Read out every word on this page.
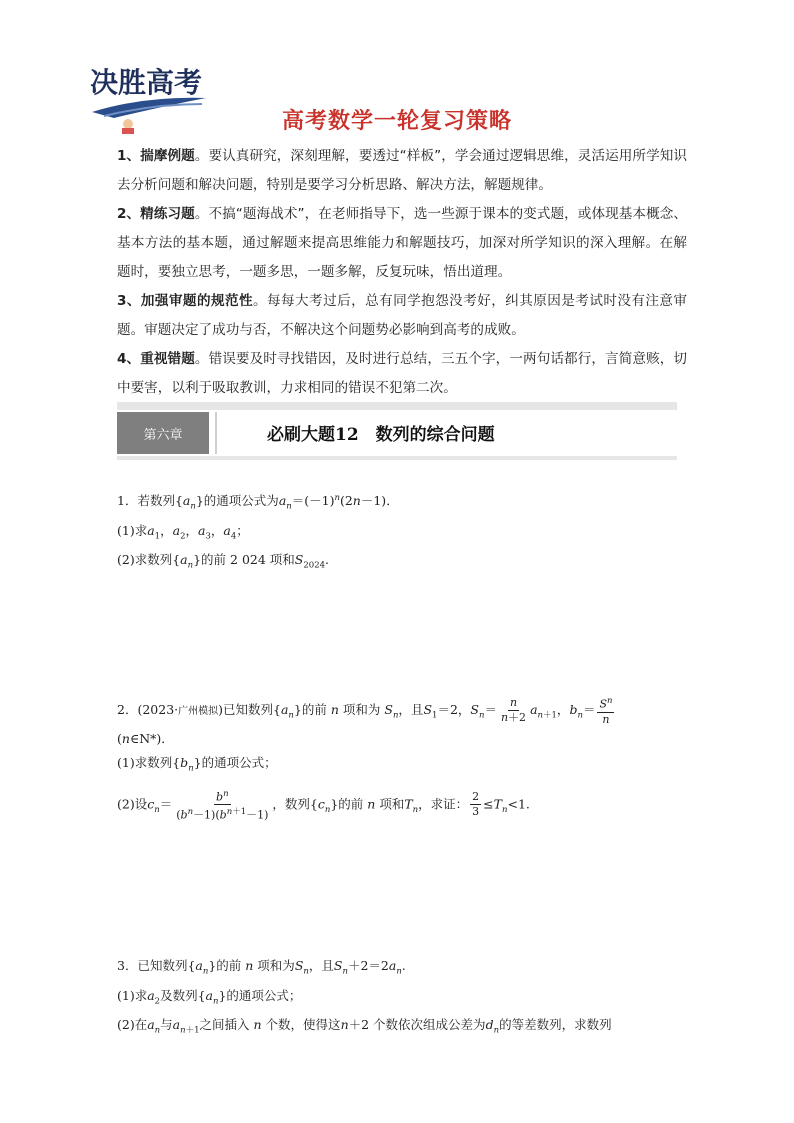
决胜高考
高考数学一轮复习策略

1、揣摩例题。要认真研究，深刻理解，要透过“样板”，学会通过逻辑思维，灵活运用所学知识去分析问题和解决问题，特别是要学习分析思路、解决方法，解题规律。

2、精练习题。不搞“题海战术”，在老师指导下，选一些源于课本的变式题，或体现基本概念、基本方法的基本题，通过解题来提高思维能力和解题技巧，加深对所学知识的深入理解。在解题时，要独立思考，一题多思，一题多解，反复玩味，悟出道理。

3、加强审题的规范性。每每大考过后，总有同学抱怨没考好，纠其原因是考试时没有注意审题。审题决定了成功与否，不解决这个问题势必影响到高考的成败。

4、重视错题。错误要及时寻找错因，及时进行总结，三五个字，一两句话都行，言简意赅，切中要害，以利于吸取教训，力求相同的错误不犯第二次。

第六章	必刷大题12　数列的综合问题

1．若数列$\{a_n\}$的通项公式为$a_n=(-1)^n(2n-1)$．

(1)求$a_1$，$a_2$，$a_3$，$a_4$；

(2)求数列$\{a_n\}$的前 2 024 项和$S_{2024}$.

2．(2023·广州模拟)已知数列$\{a_n\}$的前 n 项和为 $S_n$，且$S_1=2$，$S_n= \frac{n}{n+2} a_{n+1}$，$b_n= \frac{S^n}{n}$

(n∈N*)．

(1)求数列$\{b_n\}$的通项公式；

(2)设$c_n= \frac{b^n}{(b^n-1)(b^{n+1}-1)}$ ，数列$\{c_n\}$的前 n 项和$T_n$，求证： $\frac{2}{3} \le T_n<1$.

3．已知数列$\{a_n\}$的前 n 项和为$S_n$，且$S_n+2=2a_n$.

(1)求$a_2$及数列$\{a_n\}$的通项公式；

(2)在$a_n$与$a_{n+1}$之间插入 n 个数，使得这n＋2 个数依次组成公差为$d_n$的等差数列，求数列
